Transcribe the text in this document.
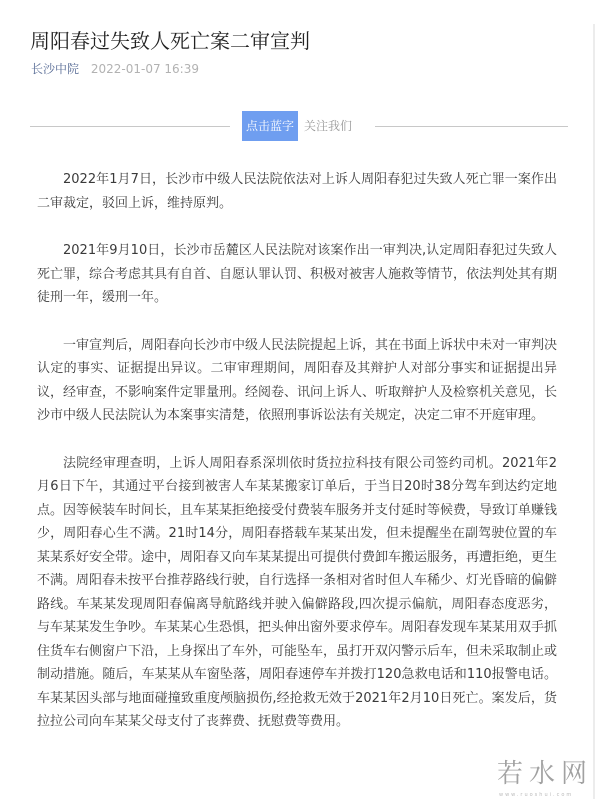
周阳春过失致人死亡案二审宣判
长沙中院 2022-01-07 16:39
点击蓝字 关注我们

2022年1月7日，长沙市中级人民法院依法对上诉人周阳春犯过失致人死亡罪一案作出二审裁定，驳回上诉，维持原判。

2021年9月10日，长沙市岳麓区人民法院对该案作出一审判决,认定周阳春犯过失致人死亡罪，综合考虑其具有自首、自愿认罪认罚、积极对被害人施救等情节，依法判处其有期徒刑一年，缓刑一年。

一审宣判后，周阳春向长沙市中级人民法院提起上诉，其在书面上诉状中未对一审判决认定的事实、证据提出异议。二审审理期间，周阳春及其辩护人对部分事实和证据提出异议，经审查，不影响案件定罪量刑。经阅卷、讯问上诉人、听取辩护人及检察机关意见，长沙市中级人民法院认为本案事实清楚，依照刑事诉讼法有关规定，决定二审不开庭审理。

法院经审理查明，上诉人周阳春系深圳依时货拉拉科技有限公司签约司机。2021年2月6日下午，其通过平台接到被害人车某某搬家订单后，于当日20时38分驾车到达约定地点。因等候装车时间长，且车某某拒绝接受付费装车服务并支付延时等候费，导致订单赚钱少，周阳春心生不满。21时14分，周阳春搭载车某某出发，但未提醒坐在副驾驶位置的车某某系好安全带。途中，周阳春又向车某某提出可提供付费卸车搬运服务，再遭拒绝，更生不满。周阳春未按平台推荐路线行驶，自行选择一条相对省时但人车稀少、灯光昏暗的偏僻路线。车某某发现周阳春偏离导航路线并驶入偏僻路段,四次提示偏航，周阳春态度恶劣，与车某某发生争吵。车某某心生恐惧，把头伸出窗外要求停车。周阳春发现车某某用双手抓住货车右侧窗户下沿，上身探出了车外，可能坠车，虽打开双闪警示后车，但未采取制止或制动措施。随后，车某某从车窗坠落，周阳春速停车并拨打120急救电话和110报警电话。车某某因头部与地面碰撞致重度颅脑损伤,经抢救无效于2021年2月10日死亡。案发后，货拉拉公司向车某某父母支付了丧葬费、抚慰费等费用。

若水网
www.ruoshui.com
